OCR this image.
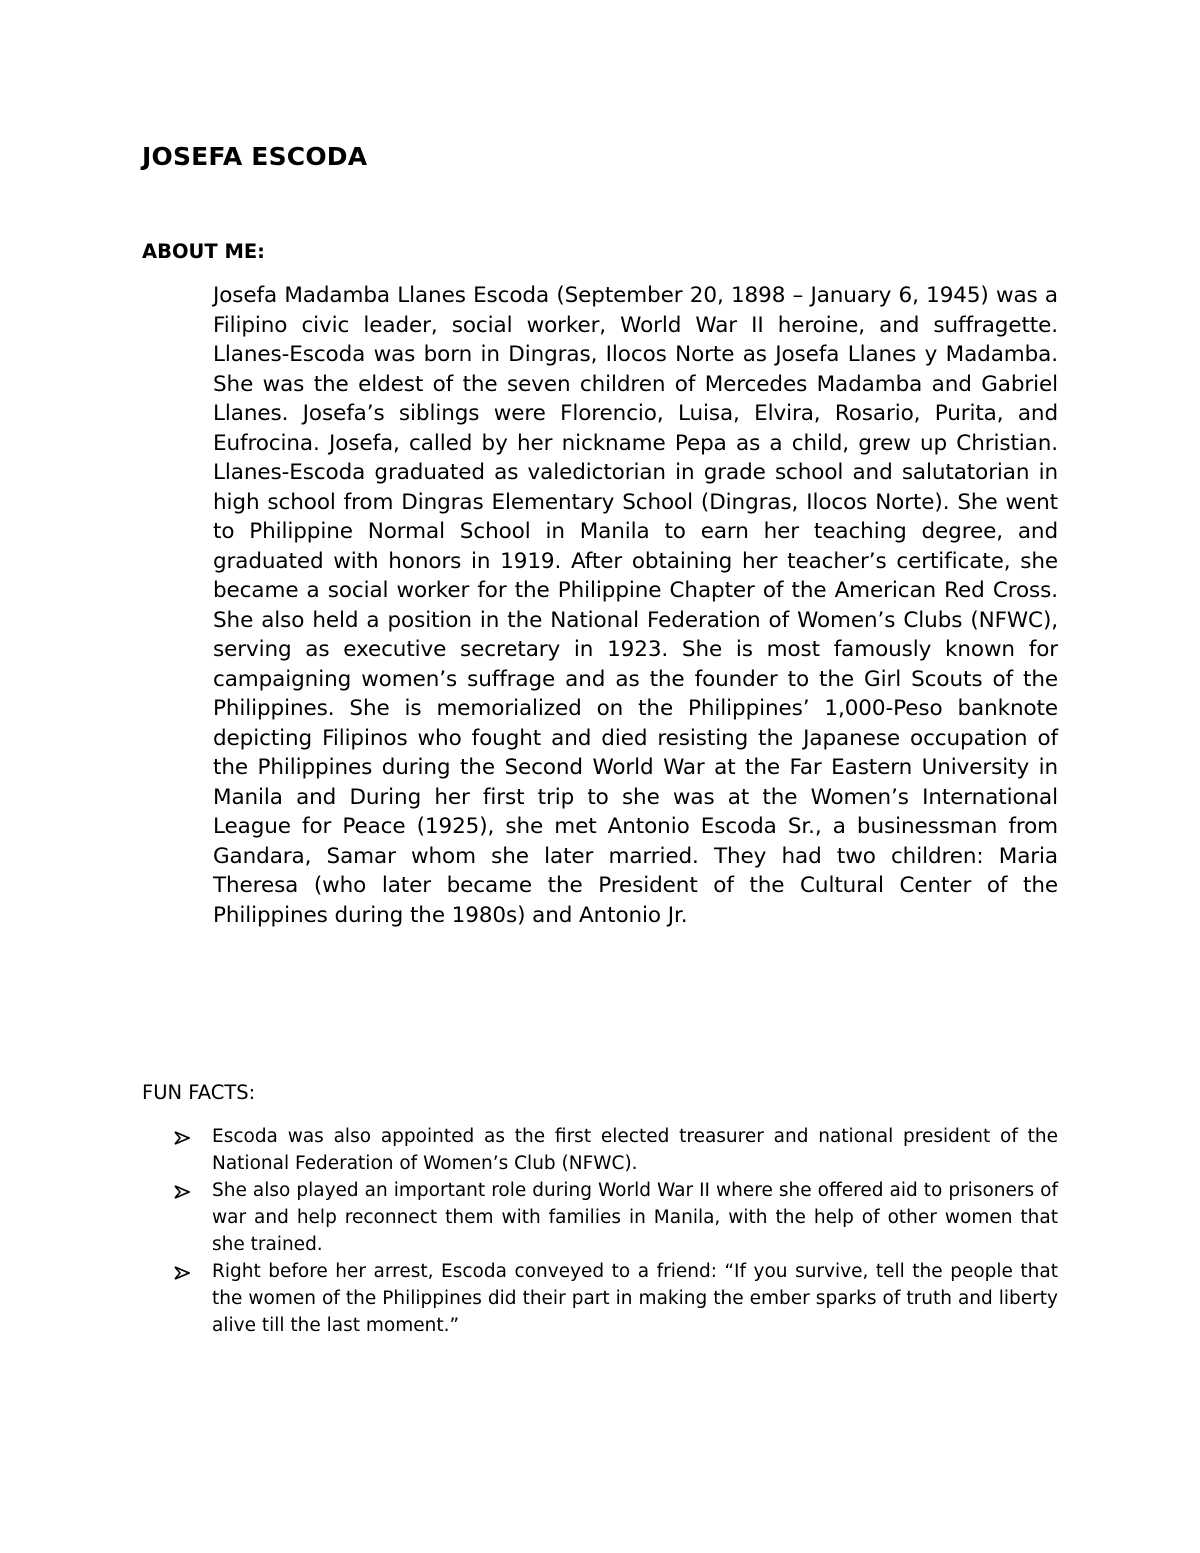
JOSEFA ESCODA
ABOUT ME:

Josefa Madamba Llanes Escoda (September 20, 1898 – January 6, 1945) was a Filipino civic leader, social worker, World War II heroine, and suffragette. Llanes-Escoda was born in Dingras, Ilocos Norte as Josefa Llanes y Madamba. She was the eldest of the seven children of Mercedes Madamba and Gabriel Llanes. Josefa’s siblings were Florencio, Luisa, Elvira, Rosario, Purita, and Eufrocina. Josefa, called by her nickname Pepa as a child, grew up Christian. Llanes-Escoda graduated as valedictorian in grade school and salutatorian in high school from Dingras Elementary School (Dingras, Ilocos Norte). She went to Philippine Normal School in Manila to earn her teaching degree, and graduated with honors in 1919. After obtaining her teacher’s certificate, she became a social worker for the Philippine Chapter of the American Red Cross. She also held a position in the National Federation of Women’s Clubs (NFWC), serving as executive secretary in 1923. She is most famously known for campaigning women’s suffrage and as the founder to the Girl Scouts of the Philippines. She is memorialized on the Philippines’ 1,000-Peso banknote depicting Filipinos who fought and died resisting the Japanese occupation of the Philippines during the Second World War at the Far Eastern University in Manila and During her first trip to she was at the Women’s International League for Peace (1925), she met Antonio Escoda Sr., a businessman from Gandara, Samar whom she later married. They had two children: Maria Theresa (who later became the President of the Cultural Center of the Philippines during the 1980s) and Antonio Jr.

FUN FACTS:
Escoda was also appointed as the first elected treasurer and national president of the National Federation of Women’s Club (NFWC).
She also played an important role during World War II where she offered aid to prisoners of war and help reconnect them with families in Manila, with the help of other women that she trained.
Right before her arrest, Escoda conveyed to a friend: “If you survive, tell the people that the women of the Philippines did their part in making the ember sparks of truth and liberty alive till the last moment.”
